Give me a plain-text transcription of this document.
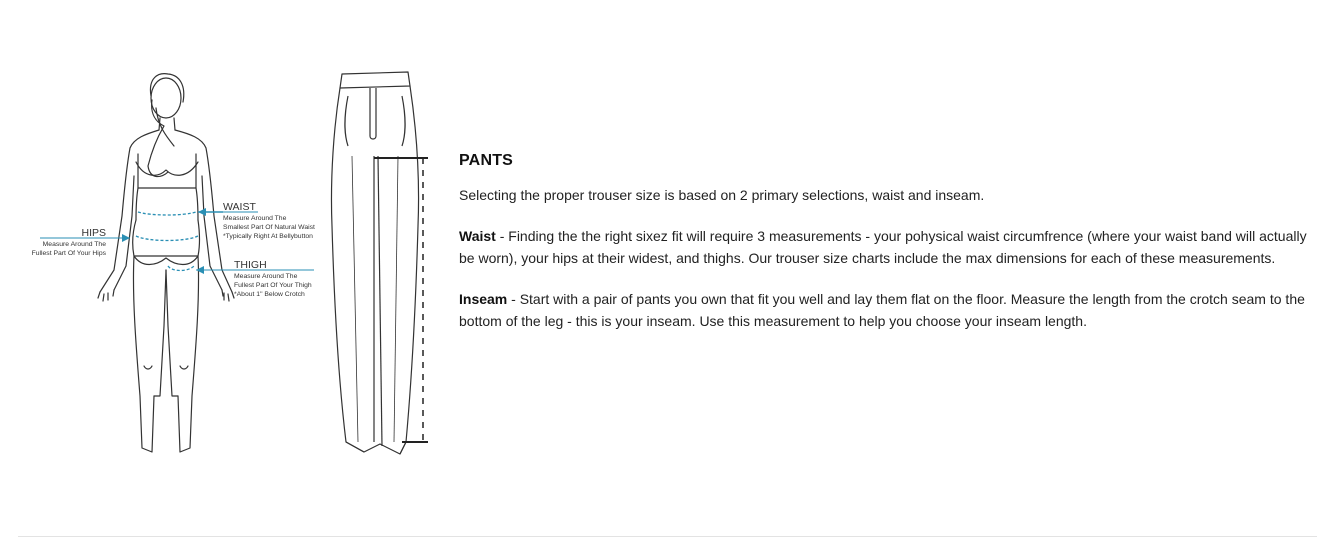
WAIST
Measure Around The
Smallest Part Of Natural Waist
*Typically Right At Bellybutton
HIPS
Measure Around The
Fullest Part Of Your Hips
THIGH
Measure Around The
Fullest Part Of Your Thigh
*About 1" Below Crotch
PANTS

Selecting the proper trouser size is based on 2 primary selections, waist and inseam.

Waist - Finding the the right sixez fit will require 3 measurements - your pohysical waist circumfrence (where your waist band will actually be worn), your hips at their widest, and thighs. Our trouser size charts include the max dimensions for each of these measurements.

Inseam - Start with a pair of pants you own that fit you well and lay them flat on the floor. Measure the length from the crotch seam to the bottom of the leg - this is your inseam. Use this measurement to help you choose your inseam length.
